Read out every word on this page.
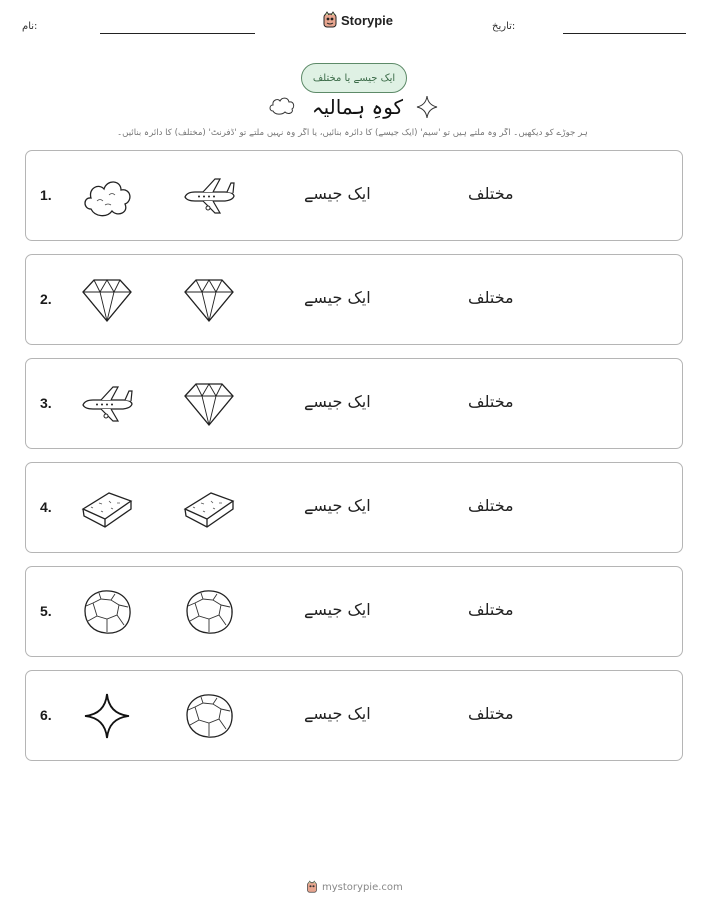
نام:	Storypie	تاریخ:
ایک جیسے یا مختلف
کوہِ ہمالیہ
ہر جوڑے کو دیکھیں۔ اگر وہ ملتے ہیں تو 'سیم' (ایک جیسے) کا دائرہ بنائیں، یا اگر وہ نہیں ملتے تو 'ڈفرنٹ' (مختلف) کا دائرہ بنائیں۔
1.	ایک جیسے	مختلف
2.	ایک جیسے	مختلف
3.	ایک جیسے	مختلف
4.	ایک جیسے	مختلف
5.	ایک جیسے	مختلف
6.	ایک جیسے	مختلف
mystorypie.com
